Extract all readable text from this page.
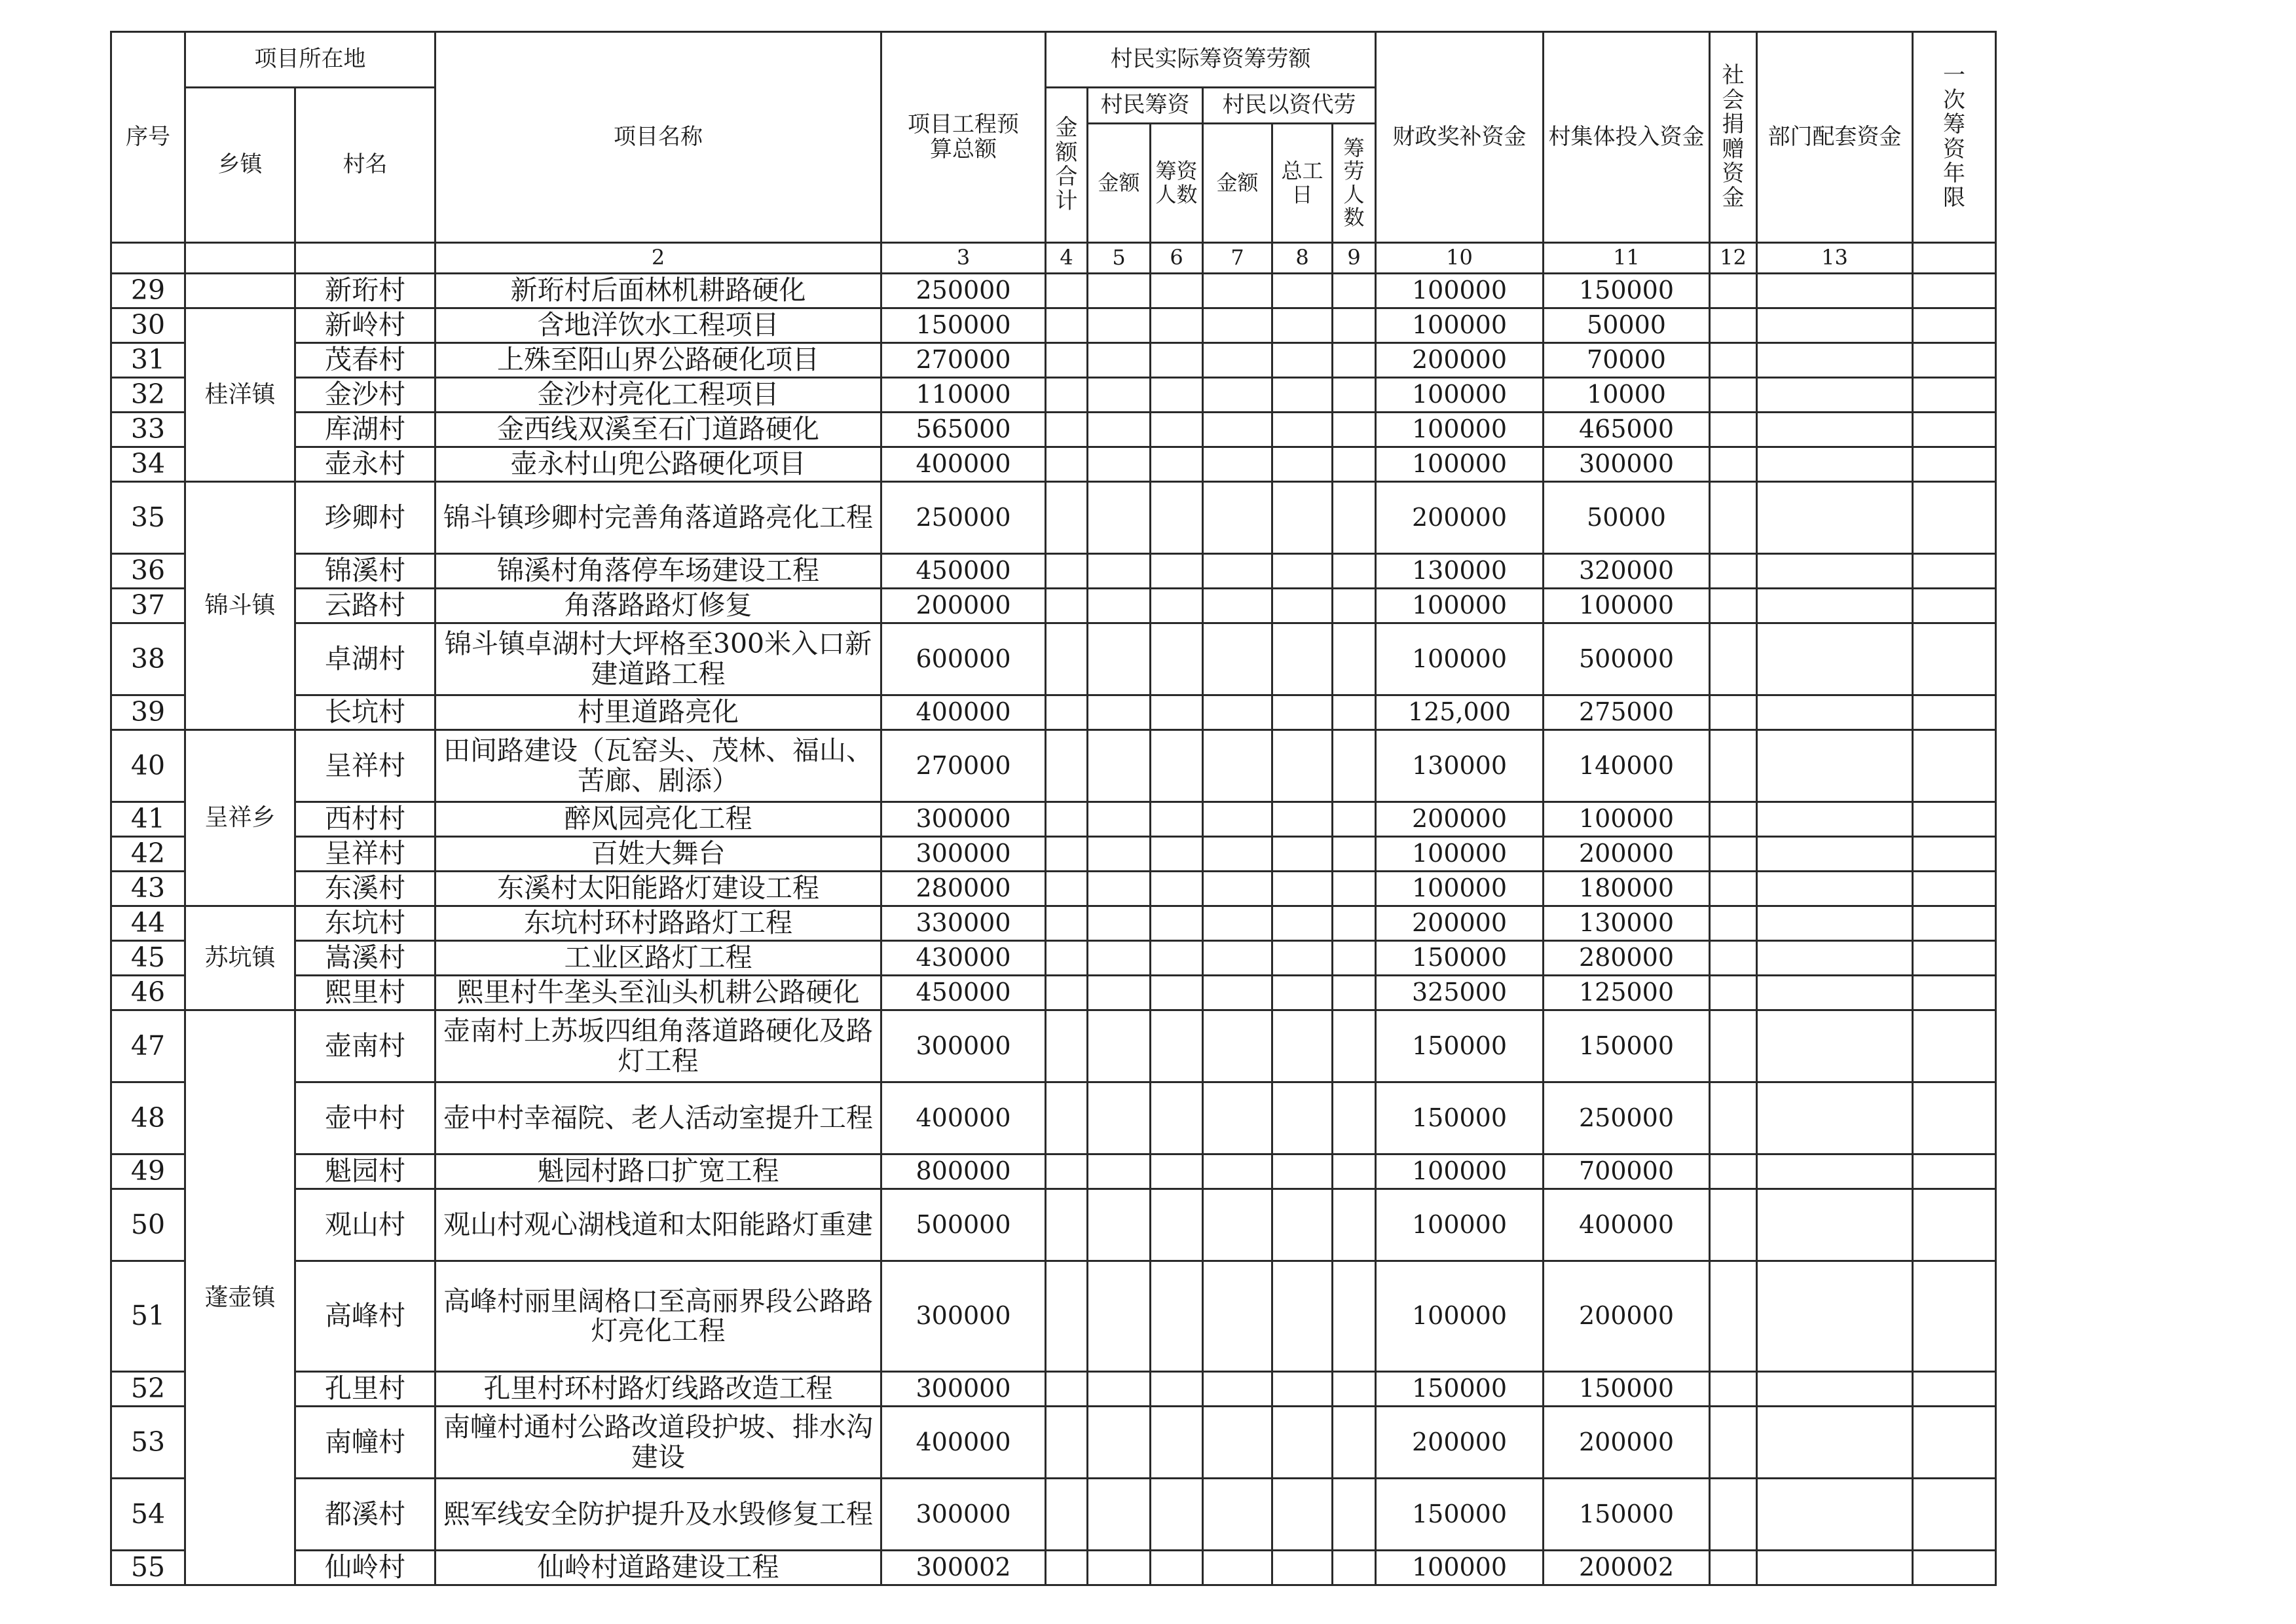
序号	项目所在地		项目名称	项目工程预算总额	村民实际筹资筹劳额						财政奖补资金	村集体投入资金	社会捐赠资金	部门配套资金	一次筹资年限

	乡镇	村名			金额合计	村民筹资		村民以资代劳							
						金额	筹资人数	金额	总工日	筹劳人数					

			2	3	4	5	6	7	8	9	10	11	12	13	
29		新珩村	新珩村后面林机耕路硬化	250000							100000	150000			
30	桂洋镇	新岭村	含地洋饮水工程项目	150000							100000	50000			
31		茂春村	上殊至阳山界公路硬化项目	270000							200000	70000			
32		金沙村	金沙村亮化工程项目	110000							100000	10000			
33		库湖村	金西线双溪至石门道路硬化	565000							100000	465000			
34		壶永村	壶永村山兜公路硬化项目	400000							100000	300000			
35	锦斗镇	珍卿村	锦斗镇珍卿村完善角落道路亮化工程	250000							200000	50000			
36		锦溪村	锦溪村角落停车场建设工程	450000							130000	320000			
37		云路村	角落路路灯修复	200000							100000	100000			
38		卓湖村	锦斗镇卓湖村大坪格至300米入口新建道路工程	600000							100000	500000			
39		长坑村	村里道路亮化	400000							125,000	275000			
40	呈祥乡	呈祥村	田间路建设（瓦窑头、茂林、福山、苦廊、剧添）	270000							130000	140000			
41		西村村	醉风园亮化工程	300000							200000	100000			
42		呈祥村	百姓大舞台	300000							100000	200000			
43		东溪村	东溪村太阳能路灯建设工程	280000							100000	180000			
44	苏坑镇	东坑村	东坑村环村路路灯工程	330000							200000	130000			
45		嵩溪村	工业区路灯工程	430000							150000	280000			
46		熙里村	熙里村牛垄头至汕头机耕公路硬化	450000							325000	125000			
47	蓬壶镇	壶南村	壶南村上苏坂四组角落道路硬化及路灯工程	300000							150000	150000			
48		壶中村	壶中村幸福院、老人活动室提升工程	400000							150000	250000			
49		魁园村	魁园村路口扩宽工程	800000							100000	700000			
50		观山村	观山村观心湖栈道和太阳能路灯重建	500000							100000	400000			
51		高峰村	高峰村丽里阔格口至高丽界段公路路灯亮化工程	300000							100000	200000			
52		孔里村	孔里村环村路灯线路改造工程	300000							150000	150000			
53		南幢村	南幢村通村公路改道段护坡、排水沟建设	400000							200000	200000			
54		都溪村	熙军线安全防护提升及水毁修复工程	300000							150000	150000			
55		仙岭村	仙岭村道路建设工程	300002							100000	200002			
